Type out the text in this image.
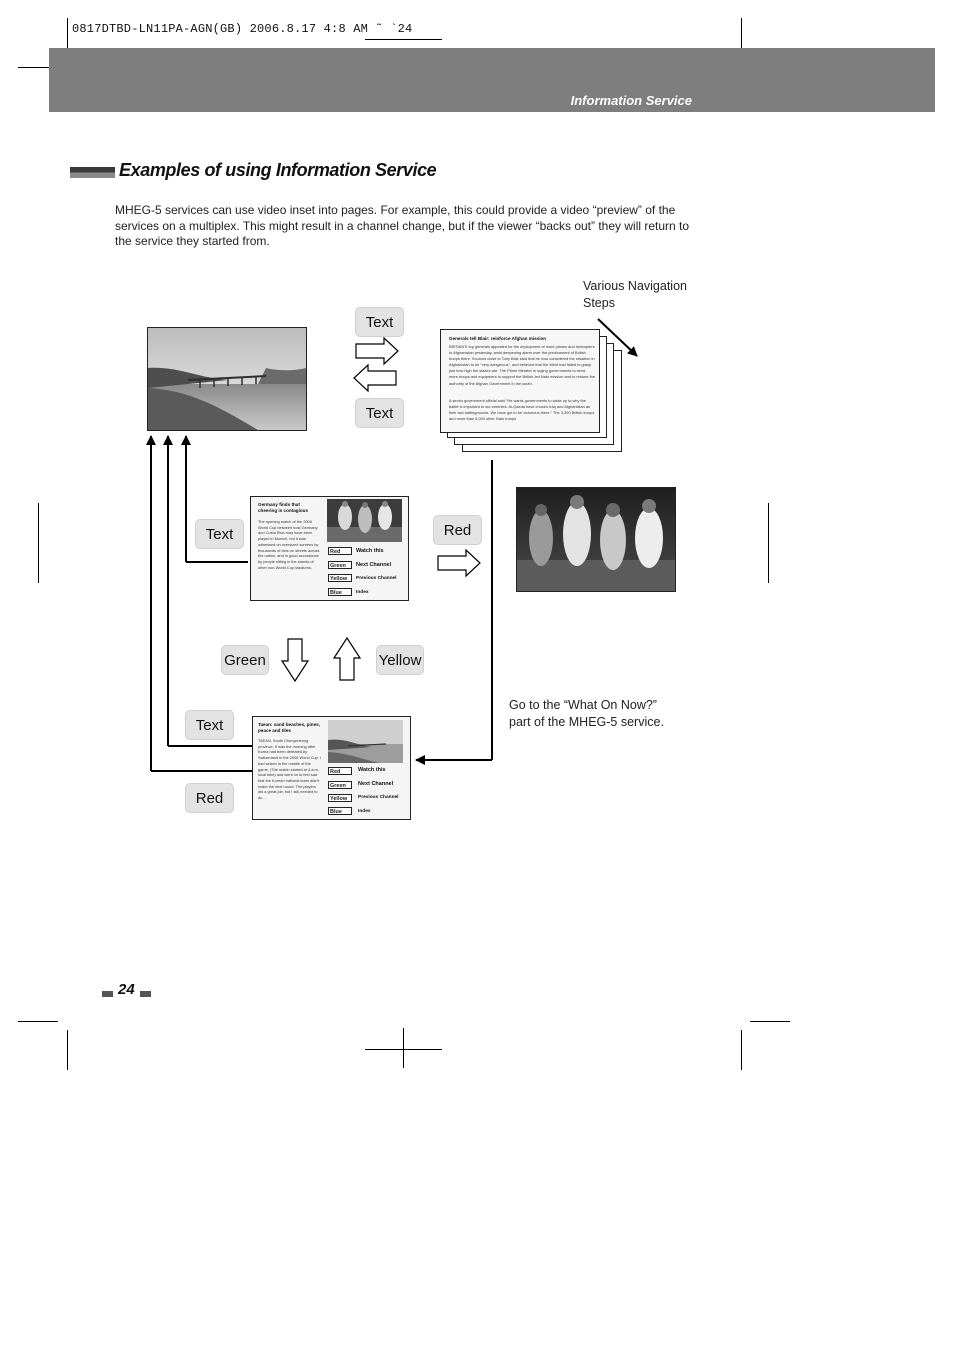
0817DTBD-LN11PA-AGN(GB) 2006.8.17 4:8 AM ˜ `24
Information Service
Examples of using Information Service
MHEG-5 services can use video inset into pages. For example, this could provide a video “preview” of the services on a multiplex. This might result in a channel change, but if the viewer “backs out” they will return to the service they started from.
Generals tell Blair: reinforce Afghan mission
BRITAIN'S top generals appealed for the deployment of more planes and helicopters to Afghanistan yesterday, amid deepening alarm over the predicament of British troops there. Sources close to Tony Blair said that he now considered the situation in Afghanistan to be "very dangerous", and believed that the West had failed to grasp just how high the stakes are. The Prime Minister is urging governments to send more troops and equipment to support the British-led Nato mission and to restore the authority of the Afghan Government in the south.
A senior government official said "He wants governments to wake up to why the battle is important to our enemies. Al-Qaeda have chosen Iraq and Afghanistan as their two battlegrounds. We have got to be victorious there." The 3,300 British troops and more than 5,000 other Nato troops
Various Navigation
Steps
Go to the “What On Now?”
part of the MHEG-5 service.
Text
Text
Text	Red
Green	Yellow
Text
Red
Germany finds that cheering is contagious
The opening match of the 2006 World Cup between host Germany and Costa Rica may have been played in Munich, but it was witnessed on oversized screens by thousands of fans on streets across the nation, and in good accordance by people sitting in the stands of other non-World Cup stadiums.
Red	Watch this
Green	Next Channel
Yellow	Previous Channel
Blue	Index
Taean: sand beaches, pines, peace and tiles
TAEAN, South Chungcheong province. It was the morning after Korea had been defeated by Switzerland in the 2006 World Cup. I had woken in the middle of the game. (The match started at 4 a.m., local time) and went on to feel sad that the Korean national team didn't make the next round. The players did a great job, but I still needed to do ...
Red	Watch this
Green	Next Channel
Yellow	Previous Channel
Blue	Index
24
